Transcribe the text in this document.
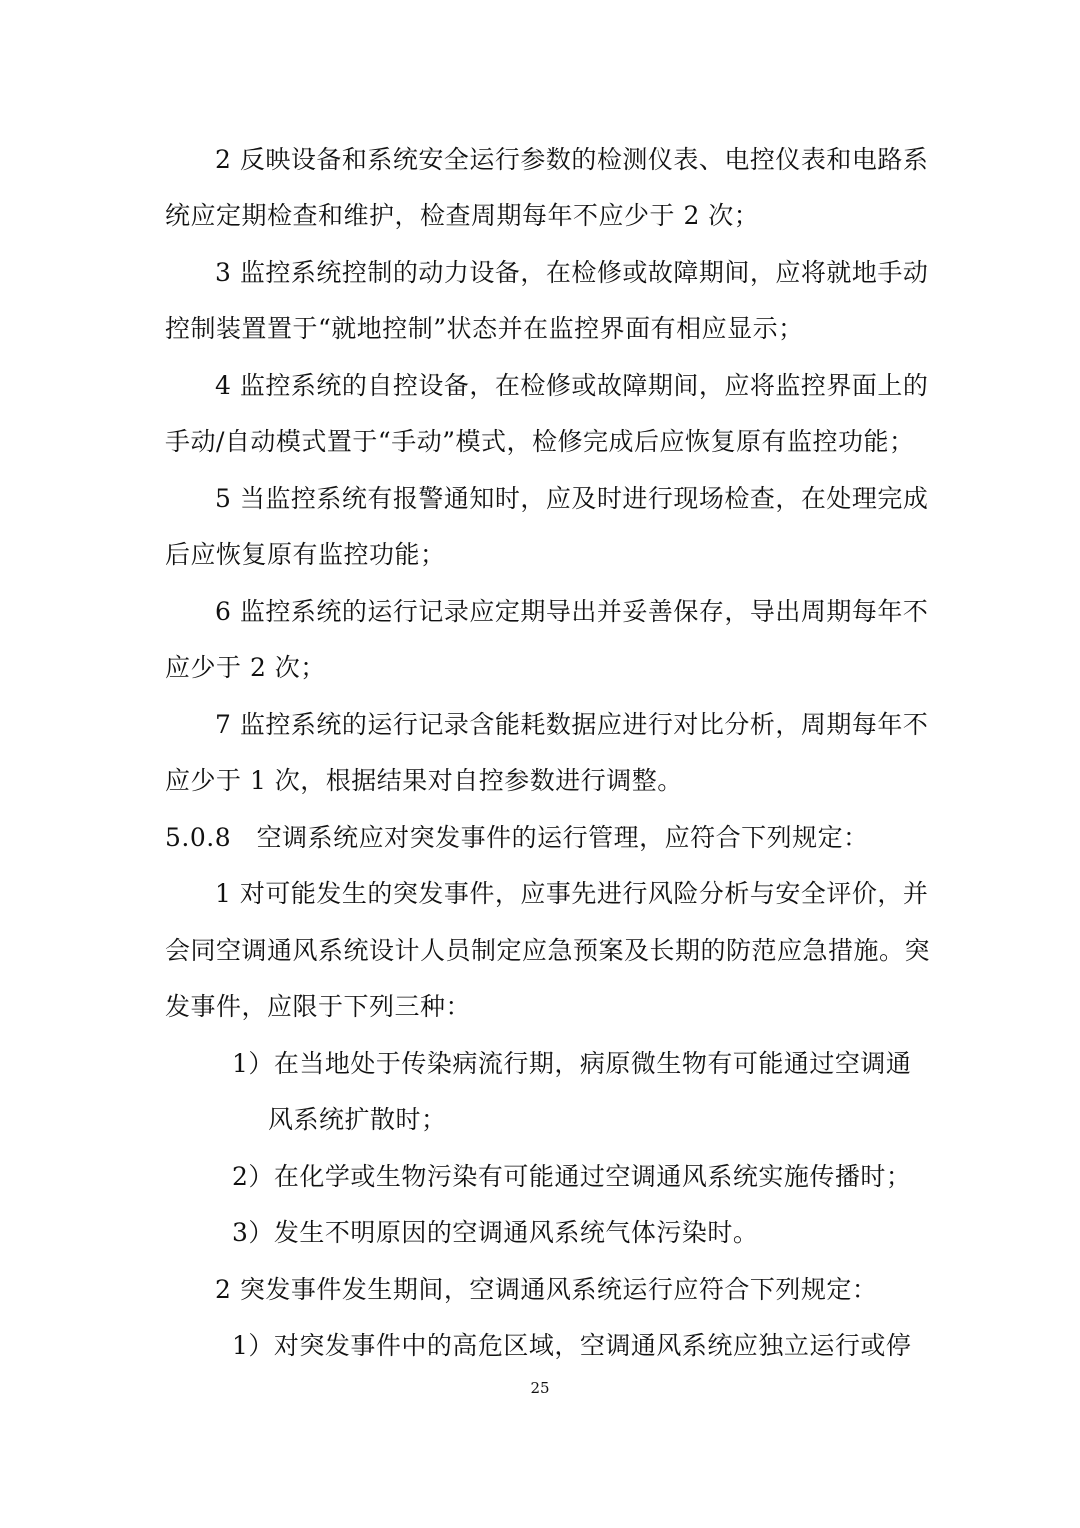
2 反映设备和系统安全运行参数的检测仪表、电控仪表和电路系
统应定期检查和维护，检查周期每年不应少于 2 次；
3 监控系统控制的动力设备，在检修或故障期间，应将就地手动
控制装置置于“就地控制”状态并在监控界面有相应显示；
4 监控系统的自控设备，在检修或故障期间，应将监控界面上的
手动/自动模式置于“手动”模式，检修完成后应恢复原有监控功能；
5 当监控系统有报警通知时，应及时进行现场检查，在处理完成
后应恢复原有监控功能；
6 监控系统的运行记录应定期导出并妥善保存，导出周期每年不
应少于 2 次；
7 监控系统的运行记录含能耗数据应进行对比分析，周期每年不
应少于 1 次，根据结果对自控参数进行调整。
5.0.8　空调系统应对突发事件的运行管理，应符合下列规定：
1 对可能发生的突发事件，应事先进行风险分析与安全评价，并
会同空调通风系统设计人员制定应急预案及长期的防范应急措施。突
发事件，应限于下列三种：
1）在当地处于传染病流行期，病原微生物有可能通过空调通
风系统扩散时；
2）在化学或生物污染有可能通过空调通风系统实施传播时；
3）发生不明原因的空调通风系统气体污染时。
2 突发事件发生期间，空调通风系统运行应符合下列规定：
1）对突发事件中的高危区域，空调通风系统应独立运行或停
25
